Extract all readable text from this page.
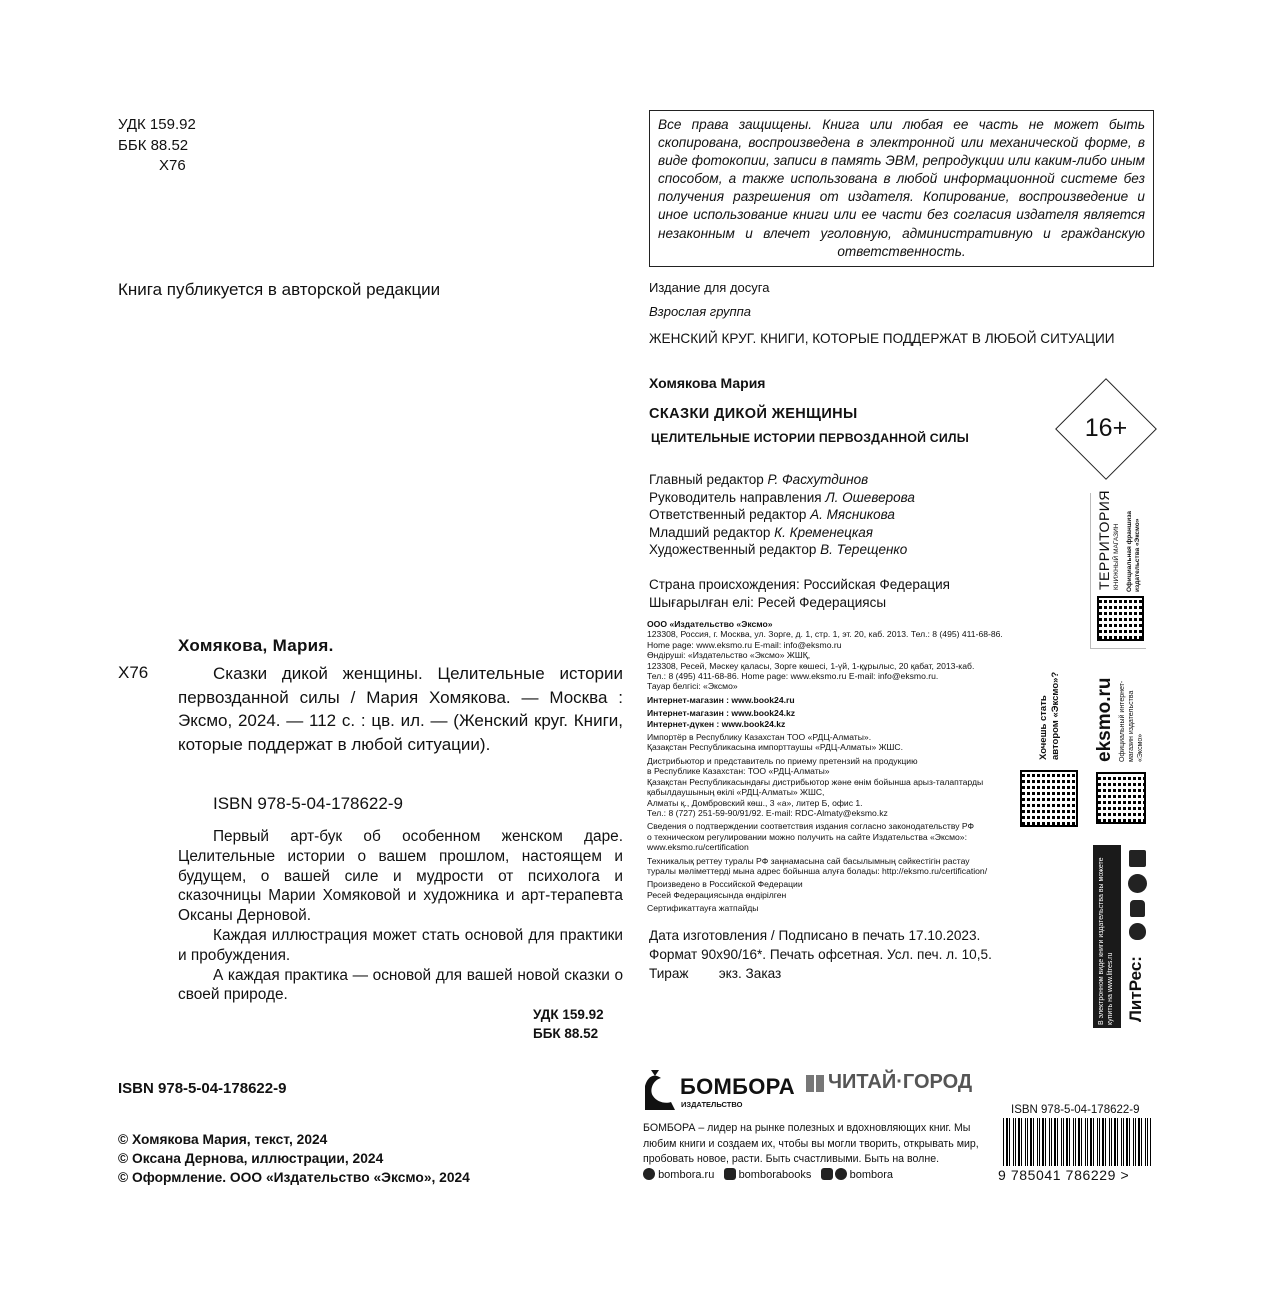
УДК 159.92
ББК 88.52
Х76
Книга публикуется в авторской редакции
Хомякова, Мария.
Х76	Сказки дикой женщины. Целительные истории первозданной силы / Мария Хомякова. — Москва : Эксмо, 2024. — 112 с. : цв. ил. — (Женский круг. Книги, которые поддержат в любой ситуации).
ISBN 978-5-04-178622-9

Первый арт-бук об особенном женском даре. Целительные истории о вашем прошлом, настоящем и будущем, о вашей силе и мудрости от психолога и сказочницы Марии Хомяковой и художника и арт-терапевта Оксаны Дерновой.

Каждая иллюстрация может стать основой для практики и пробуждения.

А каждая практика — основой для вашей новой сказки о своей природе.

УДК 159.92
ББК 88.52
ISBN 978-5-04-178622-9
© Хомякова Мария, текст, 2024
© Оксана Дернова, иллюстрации, 2024
© Оформление. ООО «Издательство «Эксмо», 2024
Все права защищены. Книга или любая ее часть не может быть скопирована, воспроизведена в электронной или механической форме, в виде фотокопии, записи в память ЭВМ, репродукции или каким-либо иным способом, а также использована в любой информационной системе без получения разрешения от издателя. Копирование, воспроизведение и иное использование книги или ее части без согласия издателя является незаконным и влечет уголовную, административную и гражданскую ответственность.
Издание для досуга
Взрослая группа
ЖЕНСКИЙ КРУГ. КНИГИ, КОТОРЫЕ ПОДДЕРЖАТ В ЛЮБОЙ СИТУАЦИИ
Хомякова Мария
СКАЗКИ ДИКОЙ ЖЕНЩИНЫ
ЦЕЛИТЕЛЬНЫЕ ИСТОРИИ ПЕРВОЗДАННОЙ СИЛЫ	16+
Главный редактор Р. Фасхутдинов
Руководитель направления Л. Ошеверова
Ответственный редактор А. Мясникова
Младший редактор К. Кременецкая
Художественный редактор В. Терещенко
Страна происхождения: Российская Федерация
Шығарылған елі: Ресей Федерациясы
ООО «Издательство «Эксмо»
123308, Россия, г. Москва, ул. Зорге, д. 1, стр. 1, эт. 20, каб. 2013. Тел.: 8 (495) 411-68-86.
Home page: www.eksmo.ru E-mail: info@eksmo.ru
Өндіруші: «Издательство «Эксмо» ЖШҚ,
123308, Ресей, Мәскеу қаласы, Зорге көшесі, 1-үй, 1-құрылыс, 20 қабат, 2013-каб.
Тел.: 8 (495) 411-68-86. Home page: www.eksmo.ru E-mail: info@eksmo.ru.
Тауар белгісі: «Эксмо»
Интернет-магазин : www.book24.ru
Интернет-магазин : www.book24.kz
Интернет-дүкен : www.book24.kz
Импортёр в Республику Казахстан ТОО «РДЦ-Алматы».
Қазақстан Республикасына импорттаушы «РДЦ-Алматы» ЖШС.
Дистрибьютор и представитель по приему претензий на продукцию
в Республике Казахстан: ТОО «РДЦ-Алматы»
Қазақстан Республикасындағы дистрибьютор және өнім бойынша арыз-талаптарды
қабылдаушының өкілі «РДЦ-Алматы» ЖШС,
Алматы қ., Домбровский көш., 3 «а», литер Б, офис 1.
Тел.: 8 (727) 251-59-90/91/92. E-mail: RDC-Almaty@eksmo.kz
Сведения о подтверждении соответствия издания согласно законодательству РФ
о техническом регулировании можно получить на сайте Издательства «Эксмо»:
www.eksmo.ru/certification
Техникалық реттеу туралы РФ заңнамасына сай басылымның сәйкестігін растау
туралы мәліметтерді мына адрес бойынша алуға болады: http://eksmo.ru/certification/
Произведено в Российской Федерации
Ресей Федерациясында өндірілген
Сертификаттауға жатпайды
Дата изготовления / Подписано в печать 17.10.2023.
Формат 90x90/16*. Печать офсетная. Усл. печ. л. 10,5.
Тираж        экз. Заказ
ТЕРРИТОРИЯ КНИЖНЫЙ МАГАЗИН Официальная франшиза издательства «Эксмо»
Хочешь стать автором «Эксмо»? eksmo.ru Официальный интернет-магазин издательства «Эксмо»
В электронном виде книги издательства вы можете купить на www.litres.ru ЛитРес:
БОМБОРА
ИЗДАТЕЛЬСТВО
ЧИТАЙ·ГОРОД
БОМБОРА – лидер на рынке полезных и вдохновляющих книг. Мы любим книги и создаем их, чтобы вы могли творить, открывать мир, пробовать новое, расти. Быть счастливыми. Быть на волне.
bombora.ru bomborabooks	bombora
ISBN 978-5-04-178622-9
9 785041 786229 >
